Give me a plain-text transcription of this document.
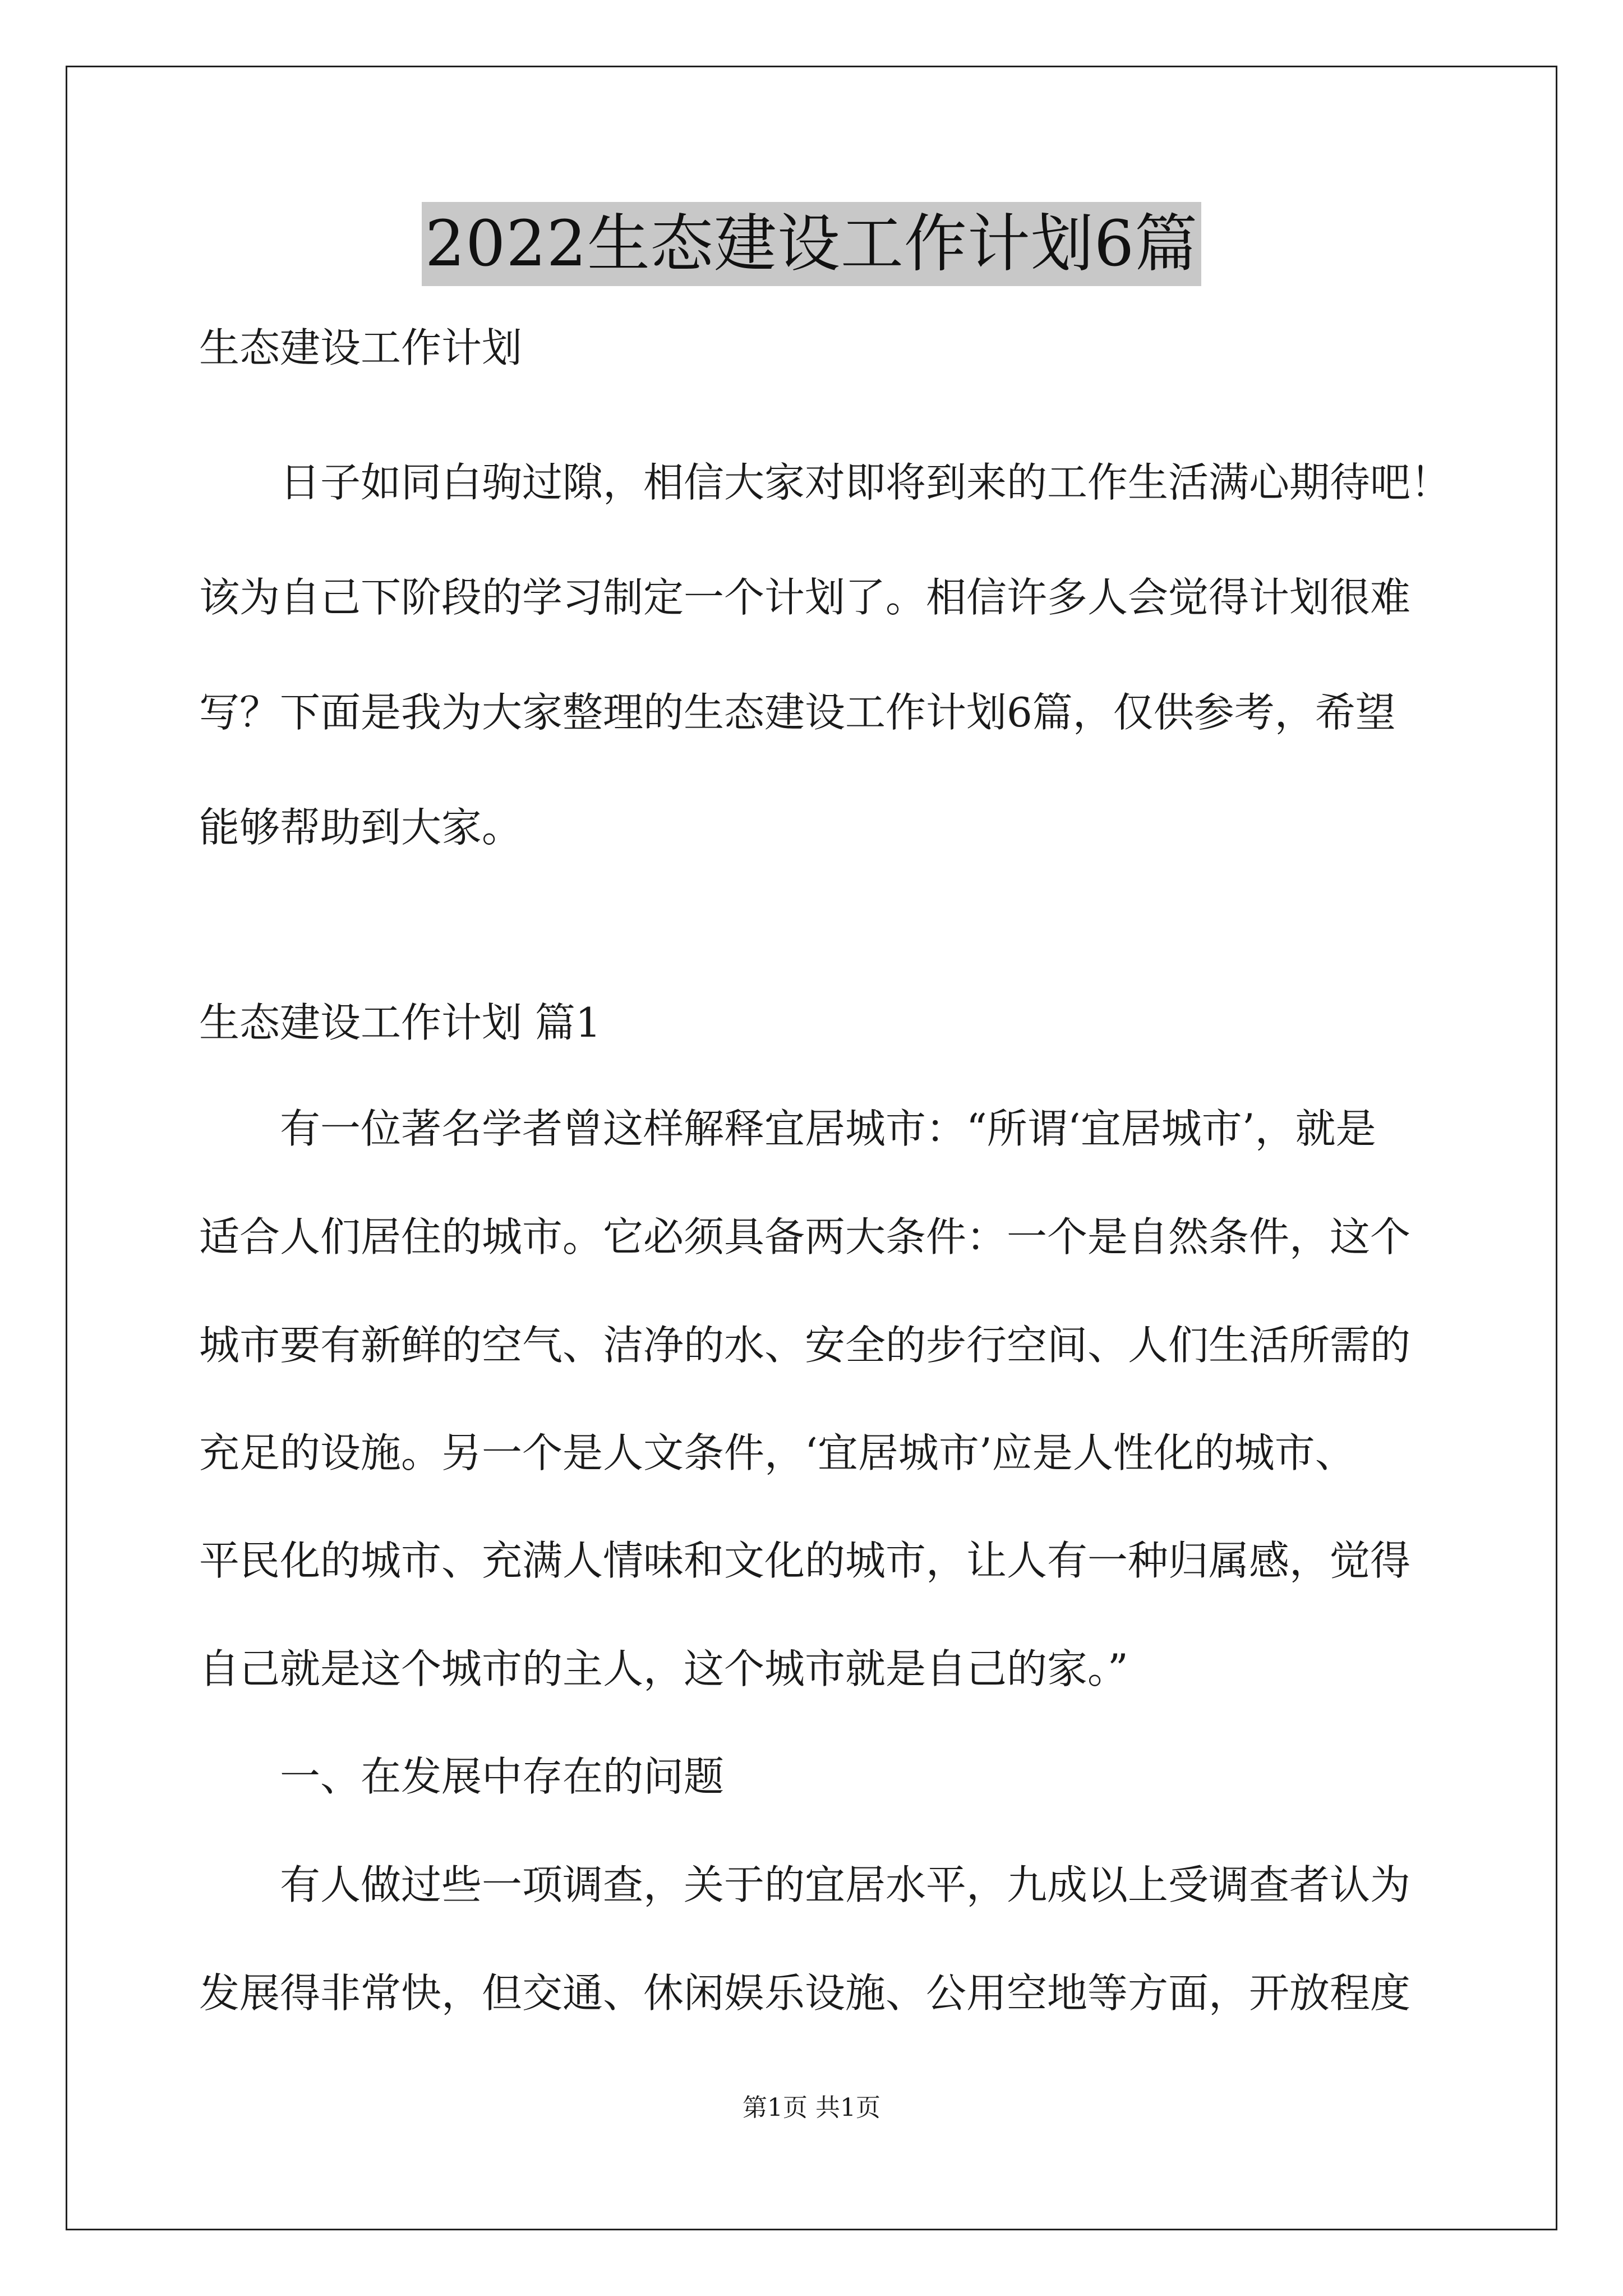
2022生态建设工作计划6篇
生态建设工作计划
日子如同白驹过隙，相信大家对即将到来的工作生活满心期待吧！
该为自己下阶段的学习制定一个计划了。相信许多人会觉得计划很难
写？下面是我为大家整理的生态建设工作计划6篇，仅供参考，希望
能够帮助到大家。
生态建设工作计划 篇1
有一位著名学者曾这样解释宜居城市：“所谓‘宜居城市’，就是
适合人们居住的城市。它必须具备两大条件：一个是自然条件，这个
城市要有新鲜的空气、洁净的水、安全的步行空间、人们生活所需的
充足的设施。另一个是人文条件，‘宜居城市’应是人性化的城市、
平民化的城市、充满人情味和文化的城市，让人有一种归属感，觉得
自己就是这个城市的主人，这个城市就是自己的家。”
一、在发展中存在的问题
有人做过些一项调查，关于的宜居水平，九成以上受调查者认为
发展得非常快，但交通、休闲娱乐设施、公用空地等方面，开放程度
第1页 共1页
